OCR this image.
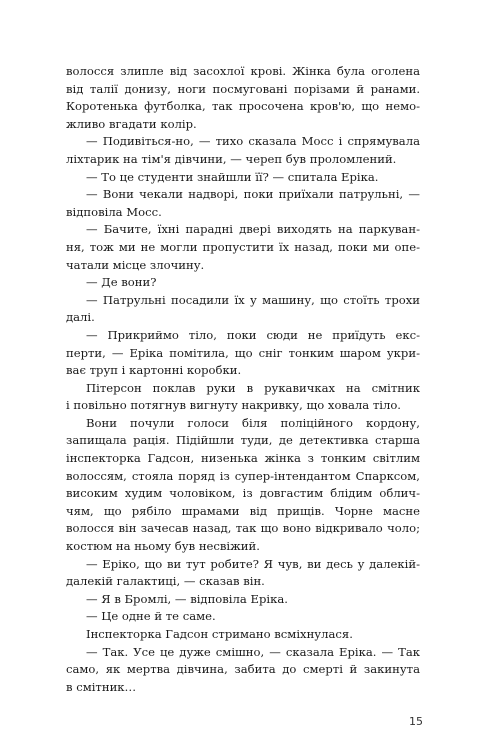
волосся злипле від засохлої крові. Жінка була оголена
від талії донизу, ноги посмуговані порізами й ранами.
Коротенька футболка, так просочена кров'ю, що немо-
жливо вгадати колір.
— Подивіться-но, — тихо сказала Мосс і спрямувала
ліхтарик на тім'я дівчини, — череп був проломлений.
— То це студенти знайшли її? — спитала Еріка.
— Вони чекали надворі, поки приїхали патрульні, —
відповіла Мосс.
— Бачите, їхні парадні двері виходять на паркуван-
ня, тож ми не могли пропустити їх назад, поки ми опе-
чатали місце злочину.
— Де вони?
— Патрульні посадили їх у машину, що стоїть трохи
далі.
— Прикриймо тіло, поки сюди не приїдуть екс-
перти, — Еріка помітила, що сніг тонким шаром укри-
ває труп і картонні коробки.
Пітерсон поклав руки в рукавичках на смітник
і повільно потягнув вигнуту накривку, що ховала тіло.
Вони почули голоси біля поліційного кордону,
запищала рація. Підійшли туди, де детективка старша
інспекторка Гадсон, низенька жінка з тонким світлим
волоссям, стояла поряд із супер-інтендантом Спарксом,
високим худим чоловіком, із довгастим блідим облич-
чям, що рябіло шрамами від прищів. Чорне масне
волосся він зачесав назад, так що воно відкривало чоло;
костюм на ньому був несвіжий.
— Еріко, що ви тут робите? Я чув, ви десь у далекій-
далекій галактиці, — сказав він.
— Я в Бромлі, — відповіла Еріка.
— Це одне й те саме.
Інспекторка Гадсон стримано всміхнулася.
— Так. Усе це дуже смішно, — сказала Еріка. — Так
само, як мертва дівчина, забита до смерті й закинута
в смітник…
15
